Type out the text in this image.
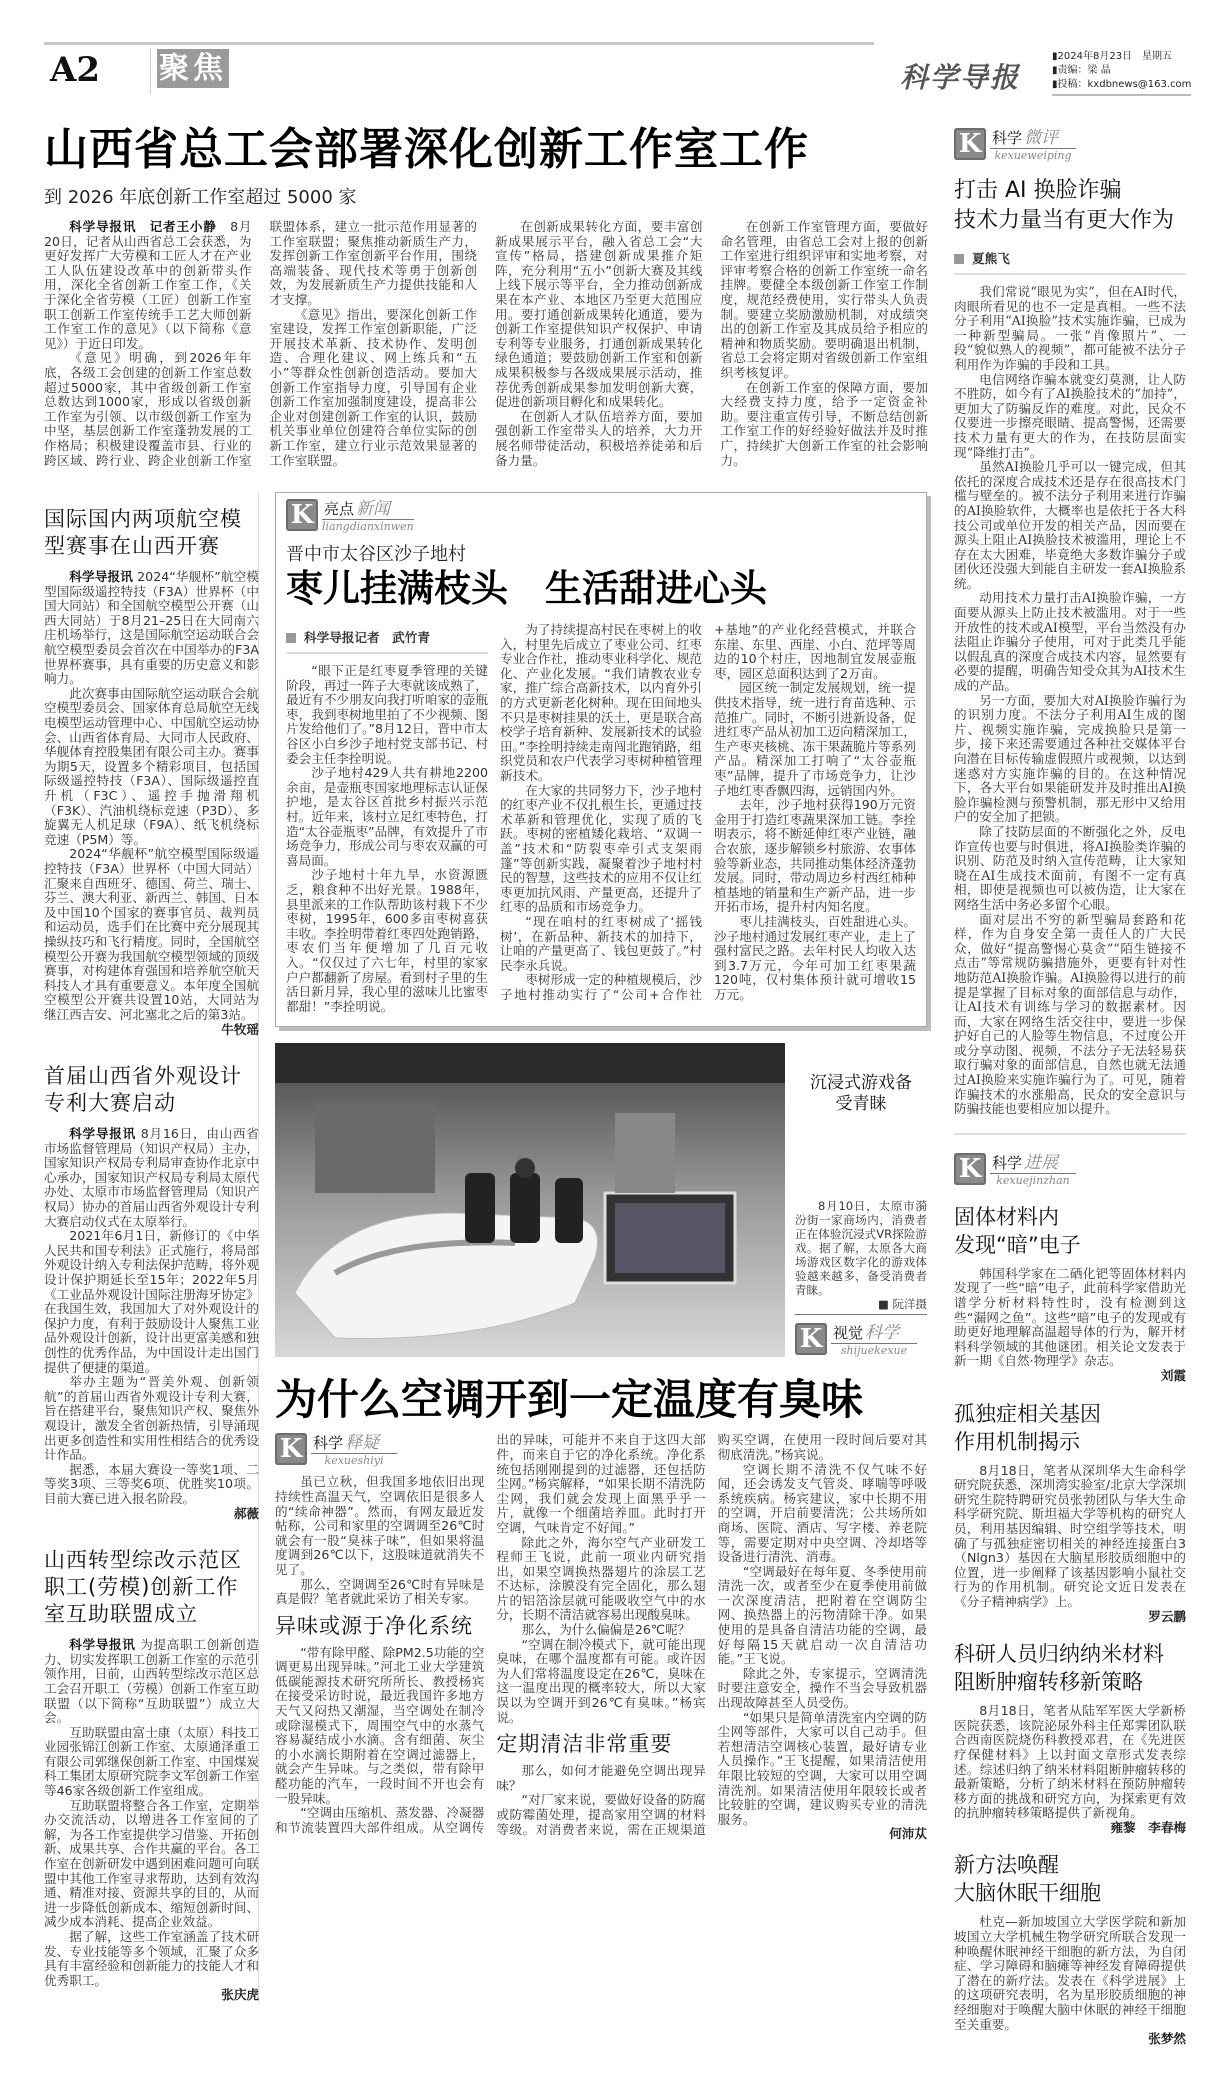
A2	聚焦	科学导报
▮2024年8月23日　星期五
▮责编：梁 晶
▮投稿：kxdbnews@163.com
山西省总工会部署深化创新工作室工作
到 2026 年底创新工作室超过 5000 家

科学导报讯　记者王小静　 8月20日，记者从山西省总工会获悉，为更好发挥广大劳模和工匠人才在产业工人队伍建设改革中的创新带头作用，深化全省创新工作室工作，《关于深化全省劳模（工匠）创新工作室职工创新工作室传统手工艺大师创新工作室工作的意见》（以下简称《意见》）于近日印发。

《意见》明确，到2026年年底，各级工会创建的创新工作室总数超过5000家，其中省级创新工作室总数达到1000家，形成以省级创新工作室为引领、以市级创新工作室为中坚，基层创新工作室蓬勃发展的工作格局；积极建设覆盖市县、行业的跨区域、跨行业、跨企业创新工作室联盟体系，建立一批示范作用显著的工作室联盟；聚焦推动新质生产力，发挥创新工作室创新平台作用，围绕高端装备、现代技术等勇于创新创效，为发展新质生产力提供技能和人才支撑。

《意见》指出，要深化创新工作室建设，发挥工作室创新职能，广泛开展技术革新、技术协作、发明创造、合理化建议、网上练兵和“五小”等群众性创新创造活动。要加大创新工作室指导力度，引导国有企业创新工作室加强制度建设，提高非公企业对创建创新工作室的认识，鼓励机关事业单位创建符合单位实际的创新工作室，建立行业示范效果显著的工作室联盟。

在创新成果转化方面，要丰富创新成果展示平台，融入省总工会“大宣传”格局，搭建创新成果推介矩阵，充分利用“五小”创新大赛及其线上线下展示等平台，全力推动创新成果在本产业、本地区乃至更大范围应用。要打通创新成果转化通道，要为创新工作室提供知识产权保护、申请专利等专业服务，打通创新成果转化绿色通道；要鼓励创新工作室和创新成果积极参与各级成果展示活动，推荐优秀创新成果参加发明创新大赛，促进创新项目孵化和成果转化。

在创新人才队伍培养方面，要加强创新工作室带头人的培养，大力开展名师带徒活动，积极培养徒弟和后备力量。

在创新工作室管理方面，要做好命名管理，由省总工会对上报的创新工作室进行组织评审和实地考察，对评审考察合格的创新工作室统一命名挂牌。要健全本级创新工作室工作制度，规范经费使用，实行带头人负责制。要建立奖励激励机制，对成绩突出的创新工作室及其成员给予相应的精神和物质奖励。要明确退出机制，省总工会将定期对省级创新工作室组织考核复评。

在创新工作室的保障方面，要加大经费支持力度，给予一定资金补助。要注重宣传引导，不断总结创新工作室工作的好经验好做法并及时推广，持续扩大创新工作室的社会影响力。

国际国内两项航空模型赛事在山西开赛

科学导报讯 2024“华舰杯”航空模型国际级遥控特技（F3A）世界杯（中国大同站）和全国航空模型公开赛（山西大同站）于8月21–25日在大同南六庄机场举行，这是国际航空运动联合会航空模型委员会首次在中国举办的F3A世界杯赛事，具有重要的历史意义和影响力。

此次赛事由国际航空运动联合会航空模型委员会、国家体育总局航空无线电模型运动管理中心、中国航空运动协会、山西省体育局、大同市人民政府、华舰体育控股集团有限公司主办。赛事为期5天，设置多个精彩项目，包括国际级遥控特技（F3A）、国际级遥控直升机（F3C）、遥控手抛滑翔机（F3K）、汽油机绕标竞速（P3D）、多旋翼无人机足球（F9A）、纸飞机绕标竞速（P5M）等。

2024“华舰杯”航空模型国际级遥控特技（F3A）世界杯（中国大同站）汇聚来自西班牙、德国、荷兰、瑞士、芬兰、澳大利亚、新西兰、韩国、日本及中国10个国家的赛事官员、裁判员和运动员，选手们在比赛中充分展现其操纵技巧和飞行精度。同时，全国航空模型公开赛为我国航空模型领域的顶级赛事，对构建体育强国和培养航空航天科技人才具有重要意义。本年度全国航空模型公开赛共设置10站，大同站为继江西吉安、河北塞北之后的第3站。

牛牧瑶
首届山西省外观设计专利大赛启动

科学导报讯 8月16日，由山西省市场监督管理局（知识产权局）主办，国家知识产权局专利局审查协作北京中心承办，国家知识产权局专利局太原代办处、太原市市场监督管理局（知识产权局）协办的首届山西省外观设计专利大赛启动仪式在太原举行。

2021年6月1日，新修订的《中华人民共和国专利法》正式施行，将局部外观设计纳入专利法保护范畴，将外观设计保护期延长至15年；2022年5月《工业品外观设计国际注册海牙协定》在我国生效，我国加大了对外观设计的保护力度，有利于鼓励设计人聚焦工业品外观设计创新，设计出更富美感和独创性的优秀作品，为中国设计走出国门提供了便捷的渠道。

举办主题为“晋美外观、创新领航”的首届山西省外观设计专利大赛，旨在搭建平台，聚焦知识产权、聚焦外观设计，激发全省创新热情，引导涌现出更多创造性和实用性相结合的优秀设计作品。

据悉，本届大赛设一等奖1项、二等奖3项、三等奖6项、优胜奖10项。目前大赛已进入报名阶段。

郝薇
山西转型综改示范区职工(劳模)创新工作室互助联盟成立

科学导报讯 为提高职工创新创造力、切实发挥职工创新工作室的示范引领作用，日前，山西转型综改示范区总工会召开职工（劳模）创新工作室互助联盟（以下简称“互助联盟”）成立大会。

互助联盟由富士康（太原）科技工业园张锦江创新工作室、太原通泽重工有限公司郭继保创新工作室、中国煤炭科工集团太原研究院李文军创新工作室等46家各级创新工作室组成。

互助联盟将整合各工作室，定期举办交流活动，以增进各工作室间的了解，为各工作室提供学习借鉴、开拓创新、成果共享、合作共赢的平台。各工作室在创新研发中遇到困难问题可向联盟中其他工作室寻求帮助，达到有效沟通、精准对接、资源共享的目的，从而进一步降低创新成本、缩短创新时间、减少成本消耗、提高企业效益。

据了解，这些工作室涵盖了技术研发、专业技能等多个领域，汇聚了众多具有丰富经验和创新能力的技能人才和优秀职工。

张庆虎
K 亮点 新闻
liangdianxinwen
晋中市太谷区沙子地村
枣儿挂满枝头　生活甜进心头
科学导报记者　武竹青

“眼下正是红枣夏季管理的关键阶段，再过一阵子大枣就该成熟了，最近有不少朋友向我打听咱家的壶瓶枣，我到枣树地里拍了不少视频、图片发给他们了。”8月12日，晋中市太谷区小白乡沙子地村党支部书记、村委会主任李拴明说。

沙子地村429人共有耕地2200余亩，是壶瓶枣国家地理标志认证保护地，是太谷区首批乡村振兴示范村。近年来，该村立足红枣特色，打造“太谷壶瓶枣”品牌，有效提升了市场竞争力，形成公司与枣农双赢的可喜局面。

沙子地村十年九旱，水资源匮乏，粮食种不出好光景。1988年，县里派来的工作队帮助该村栽下不少枣树，1995年，600多亩枣树喜获丰收。李拴明带着红枣四处跑销路，枣农们当年便增加了几百元收入。“仅仅过了六七年，村里的家家户户都翻新了房屋。看到村子里的生活日新月异，我心里的滋味儿比蜜枣都甜！”李拴明说。

为了持续提高村民在枣树上的收入，村里先后成立了枣业公司、红枣专业合作社，推动枣业科学化、规范化、产业化发展。“我们请教农业专家，推广综合高新技术，以内育外引的方式更新老化树种。现在田间地头不只是枣树挂果的沃土，更是联合高校学子培育新种、发展新技术的试验田。”李拴明持续走南闯北跑销路，组织党员和农户代表学习枣树种植管理新技术。

在大家的共同努力下，沙子地村的红枣产业不仅扎根生长，更通过技术革新和管理优化，实现了质的飞跃。枣树的密植矮化栽培、“双调一盖”技术和“防裂枣牵引式支架雨篷”等创新实践，凝聚着沙子地村村民的智慧，这些技术的应用不仅让红枣更加抗风雨、产量更高，还提升了红枣的品质和市场竞争力。

“现在咱村的红枣树成了‘摇钱树’，在新品种、新技术的加持下，让咱的产量更高了、钱包更鼓了。”村民李永兵说。

枣树形成一定的种植规模后，沙子地村推动实行了“公司+合作社+基地”的产业化经营模式，并联合东崖、东里、西崖、小白、范坪等周边的10个村庄，因地制宜发展壶瓶枣，园区总面积达到了2万亩。

园区统一制定发展规划，统一提供技术指导，统一进行育苗选种、示范推广。同时，不断引进新设备，促进红枣产品从初加工迈向精深加工，生产枣夹核桃、冻干果蔬脆片等系列产品。精深加工打响了“太谷壶瓶枣”品牌，提升了市场竞争力，让沙子地红枣香飘四海，远销国内外。

去年，沙子地村获得190万元资金用于打造红枣蔬果深加工链。李拴明表示，将不断延伸红枣产业链，融合农旅，逐步解锁乡村旅游、农事体验等新业态，共同推动集体经济蓬勃发展。同时，带动周边乡村西红柿种植基地的销量和生产新产品，进一步开拓市场，提升村内知名度。

枣儿挂满枝头，百姓甜进心头。沙子地村通过发展红枣产业，走上了强村富民之路。去年村民人均收入达到3.7万元，今年可加工红枣果蔬120吨，仅村集体预计就可增收15万元。

沉浸式游戏备受青睐

8月10日，太原市漪汾街一家商场内，消费者正在体验沉浸式VR探险游戏。据了解，太原各大商场游戏区数字化的游戏体验越来越多，备受消费者青睐。

■ 阮洋摄
K 视觉 科学
shijuekexue
为什么空调开到一定温度有臭味
K 科学 释疑
kexueshiyi

虽已立秋，但我国多地依旧出现持续性高温天气，空调依旧是很多人的“续命神器”。然而，有网友最近发帖称，公司和家里的空调调至26℃时就会有一股“臭袜子味”，但如果将温度调到26℃以下，这股味道就消失不见了。

那么，空调调至26℃时有异味是真是假？笔者就此采访了相关专家。

异味或源于净化系统

“带有除甲醛、除PM2.5功能的空调更易出现异味。”河北工业大学建筑低碳能源技术研究所所长、教授杨宾在接受采访时说，最近我国许多地方天气又闷热又潮湿，当空调处在制冷或除湿模式下，周围空气中的水蒸气容易凝结成小水滴。含有细菌、灰尘的小水滴长期附着在空调过滤器上，就会产生异味。与之类似，带有除甲醛功能的汽车，一段时间不开也会有一股异味。

“空调由压缩机、蒸发器、冷凝器和节流装置四大部件组成。从空调传出的异味，可能并不来自于这四大部件，而来自于它的净化系统。净化系统包括刚刚提到的过滤器，还包括防尘网。”杨宾解释，“如果长期不清洗防尘网，我们就会发现上面黑乎乎一片，就像一个细菌培养皿。此时打开空调，气味肯定不好闻。”

除此之外，海尔空气产业研发工程师王飞说，此前一项业内研究指出，如果空调换热器翅片的涂层工艺不达标，涂膜没有完全固化，那么翅片的铝箔涂层就可能吸收空气中的水分，长期不清洁就容易出现酸臭味。

那么，为什么偏偏是26℃呢？

“空调在制冷模式下，就可能出现臭味，在哪个温度都有可能。或许因为人们常将温度设定在26℃，臭味在这一温度出现的概率较大，所以大家误以为空调开到26℃有臭味。”杨宾说。

定期清洁非常重要

那么，如何才能避免空调出现异味？

“对厂家来说，要做好设备的防腐或防霉菌处理，提高家用空调的材料等级。对消费者来说，需在正规渠道购买空调，在使用一段时间后要对其彻底清洗。”杨宾说。

空调长期不清洗不仅气味不好闻，还会诱发支气管炎、哮喘等呼吸系统疾病。杨宾建议，家中长期不用的空调，开启前要清洗；公共场所如商场、医院、酒店、写字楼、养老院等，需要定期对中央空调、冷却塔等设备进行清洗、消毒。

“空调最好在每年夏、冬季使用前清洗一次，或者至少在夏季使用前做一次深度清洁，把附着在空调防尘网、换热器上的污物清除干净。如果使用的是具备自清洁功能的空调，最好每隔15天就启动一次自清洁功能。”王飞说。

除此之外，专家提示，空调清洗时要注意安全，操作不当会导致机器出现故障甚至人员受伤。

“如果只是简单清洗室内空调的防尘网等部件，大家可以自己动手。但若想清洁空调核心装置，最好请专业人员操作。”王飞提醒，如果清洁使用年限比较短的空调，大家可以用空调清洗剂。如果清洁使用年限较长或者比较脏的空调，建议购买专业的清洗服务。

何沛苁
K 科学 微评
kexueweiping
打击 AI 换脸诈骗
技术力量当有更大作为
夏熊飞

我们常说“眼见为实”，但在AI时代，肉眼所看见的也不一定是真相。一些不法分子利用“AI换脸”技术实施诈骗，已成为一种新型骗局。一张“肖像照片”、一段“貌似熟人的视频”，都可能被不法分子利用作为诈骗的手段和工具。

电信网络诈骗本就变幻莫测，让人防不胜防，如今有了AI换脸技术的“加持”，更加大了防骗反诈的难度。对此，民众不仅要进一步擦亮眼睛、提高警惕，还需要技术力量有更大的作为，在技防层面实现“降维打击”。

虽然AI换脸几乎可以一键完成，但其依托的深度合成技术还是存在很高技术门槛与壁垒的。被不法分子利用来进行诈骗的AI换脸软件，大概率也是依托于各大科技公司或单位开发的相关产品，因而要在源头上阻止AI换脸技术被滥用，理论上不存在太大困难，毕竟绝大多数诈骗分子或团伙还没强大到能自主研发一套AI换脸系统。

动用技术力量打击AI换脸诈骗，一方面要从源头上防止技术被滥用。对于一些开放性的技术或AI模型，平台当然没有办法阻止诈骗分子使用，可对于此类几乎能以假乱真的深度合成技术内容，显然要有必要的提醒，明确告知受众其为AI技术生成的产品。

另一方面，要加大对AI换脸诈骗行为的识别力度。不法分子利用AI生成的图片、视频实施诈骗，完成换脸只是第一步，接下来还需要通过各种社交媒体平台向潜在目标传输虚假照片或视频，以达到迷惑对方实施诈骗的目的。在这种情况下，各大平台如果能研发并及时推出AI换脸诈骗检测与预警机制，那无形中又给用户的安全加了把锁。

除了技防层面的不断强化之外，反电诈宣传也要与时俱进，将AI换脸类诈骗的识别、防范及时纳入宣传范畴，让大家知晓在AI生成技术面前，有图不一定有真相，即使是视频也可以被伪造，让大家在网络生活中务必多留个心眼。

面对层出不穷的新型骗局套路和花样，作为自身安全第一责任人的广大民众，做好“提高警惕心莫贪”“陌生链接不点击”等常规防骗措施外，更要有针对性地防范AI换脸诈骗。AI换脸得以进行的前提是掌握了目标对象的面部信息与动作，让AI技术有训练与学习的数据素材。因而，大家在网络生活交往中，要进一步保护好自己的人脸等生物信息，不过度公开或分享动图、视频，不法分子无法轻易获取行骗对象的面部信息，自然也就无法通过AI换脸来实施诈骗行为了。可见，随着诈骗技术的水涨船高，民众的安全意识与防骗技能也要相应加以提升。

K 科学 进展
kexuejinzhan
固体材料内
发现“暗”电子

韩国科学家在二硒化钯等固体材料内发现了一些“暗”电子，此前科学家借助光谱学分析材料特性时，没有检测到这些“漏网之鱼”。这些“暗”电子的发现或有助更好地理解高温超导体的行为，解开材料科学领域的其他谜团。相关论文发表于新一期《自然·物理学》杂志。

刘霞
孤独症相关基因
作用机制揭示

8月18日，笔者从深圳华大生命科学研究院获悉，深圳湾实验室/北京大学深圳研究生院特聘研究员张勃团队与华大生命科学研究院、斯坦福大学等机构的研究人员，利用基因编辑、时空组学等技术，明确了与孤独症密切相关的神经连接蛋白3（Nlgn3）基因在大脑星形胶质细胞中的位置，进一步阐释了该基因影响小鼠社交行为的作用机制。研究论文近日发表在《分子精神病学》上。

罗云鹏
科研人员归纳纳米材料
阻断肿瘤转移新策略

8月18日，笔者从陆军军医大学新桥医院获悉，该院泌尿外科主任郑霁团队联合西南医院烧伤科教授邓君，在《先进医疗保健材料》上以封面文章形式发表综述。综述归纳了纳米材料阻断肿瘤转移的最新策略，分析了纳米材料在预防肿瘤转移方面的挑战和研究方向，为探索更有效的抗肿瘤转移策略提供了新视角。

雍黎　李春梅
新方法唤醒
大脑休眠干细胞

杜克—新加坡国立大学医学院和新加坡国立大学机械生物学研究所联合发现一种唤醒休眠神经干细胞的新方法，为自闭症、学习障碍和脑瘫等神经发育障碍提供了潜在的新疗法。发表在《科学进展》上的这项研究表明，名为星形胶质细胞的神经细胞对于唤醒大脑中休眠的神经干细胞至关重要。

张梦然
